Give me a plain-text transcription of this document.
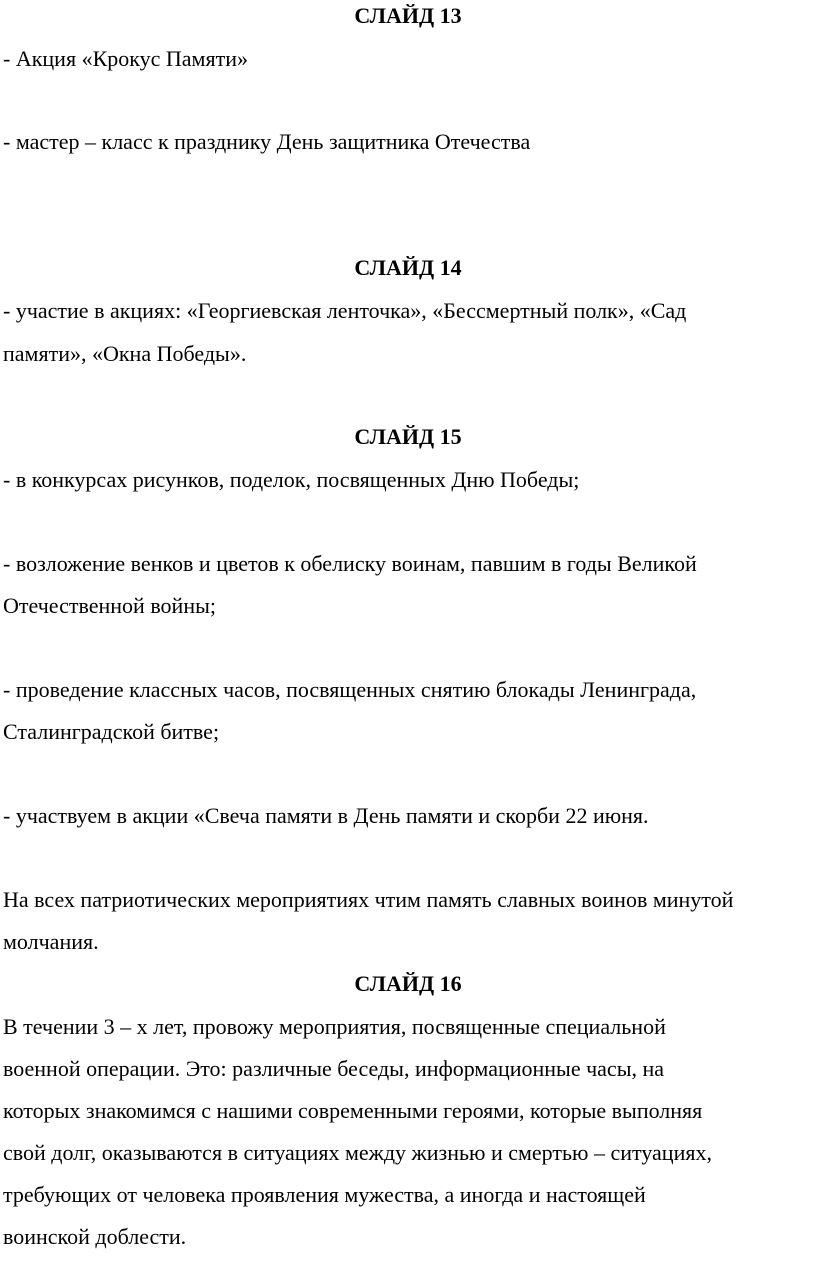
СЛАЙД 13
- Акция «Крокус Памяти»
- мастер – класс к празднику День защитника Отечества
СЛАЙД 14
- участие в акциях: «Георгиевская ленточка», «Бессмертный полк», «Сад
памяти», «Окна Победы».
СЛАЙД 15
- в конкурсах рисунков, поделок, посвященных Дню Победы;
- возложение венков и цветов к обелиску воинам, павшим в годы Великой
Отечественной войны;
- проведение классных часов, посвященных снятию блокады Ленинграда,
Сталинградской битве;
- участвуем в акции «Свеча памяти в День памяти и скорби 22 июня.
На всех патриотических мероприятиях чтим память славных воинов минутой
молчания.
СЛАЙД 16
В течении 3 – х лет, провожу мероприятия, посвященные специальной
военной операции. Это: различные беседы, информационные часы, на
которых знакомимся с нашими современными героями, которые выполняя
свой долг, оказываются в ситуациях между жизнью и смертью – ситуациях,
требующих от человека проявления мужества, а иногда и настоящей
воинской доблести.
